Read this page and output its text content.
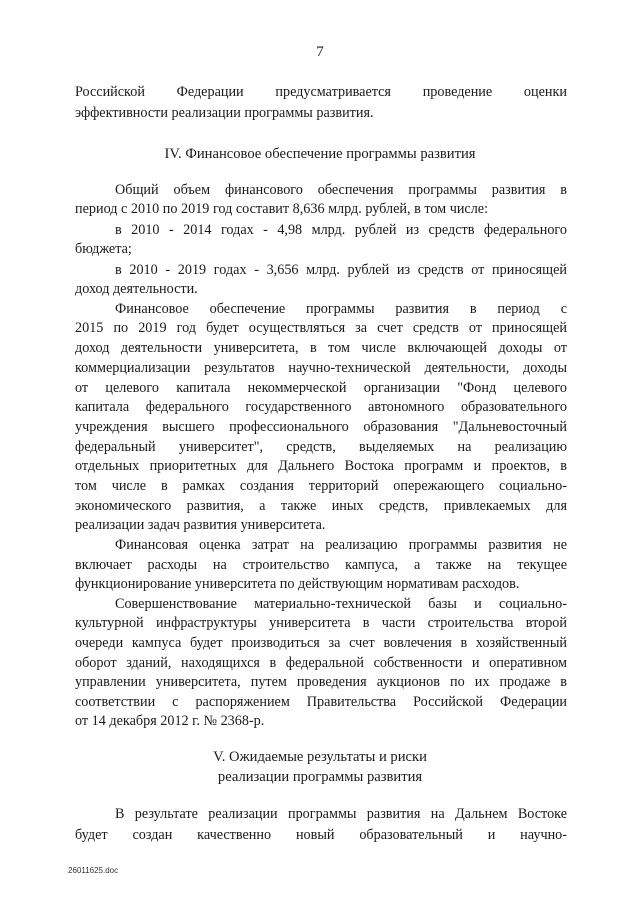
7
Российской Федерации предусматривается проведение оценки
эффективности реализации программы развития.
IV. Финансовое обеспечение программы развития
Общий объем финансового обеспечения программы развития в
период с 2010 по 2019 год составит 8,636 млрд. рублей, в том числе:
в 2010 - 2014 годах - 4,98 млрд. рублей из средств федерального
бюджета;
в 2010 - 2019 годах - 3,656 млрд. рублей из средств от приносящей
доход деятельности.
Финансовое обеспечение программы развития в период с
2015 по 2019 год будет осуществляться за счет средств от приносящей
доход деятельности университета, в том числе включающей доходы от
коммерциализации результатов научно-технической деятельности, доходы
от целевого капитала некоммерческой организации "Фонд целевого
капитала федерального государственного автономного образовательного
учреждения высшего профессионального образования "Дальневосточный
федеральный университет", средств, выделяемых на реализацию
отдельных приоритетных для Дальнего Востока программ и проектов, в
том числе в рамках создания территорий опережающего социально-
экономического развития, а также иных средств, привлекаемых для
реализации задач развития университета.
Финансовая оценка затрат на реализацию программы развития не
включает расходы на строительство кампуса, а также на текущее
функционирование университета по действующим нормативам расходов.
Совершенствование материально-технической базы и социально-
культурной инфраструктуры университета в части строительства второй
очереди кампуса будет производиться за счет вовлечения в хозяйственный
оборот зданий, находящихся в федеральной собственности и оперативном
управлении университета, путем проведения аукционов по их продаже в
соответствии с распоряжением Правительства Российской Федерации
от 14 декабря 2012 г. № 2368-р.
V. Ожидаемые результаты и риски
реализации программы развития
В результате реализации программы развития на Дальнем Востоке
будет создан качественно новый образовательный и научно-
26011625.doc
